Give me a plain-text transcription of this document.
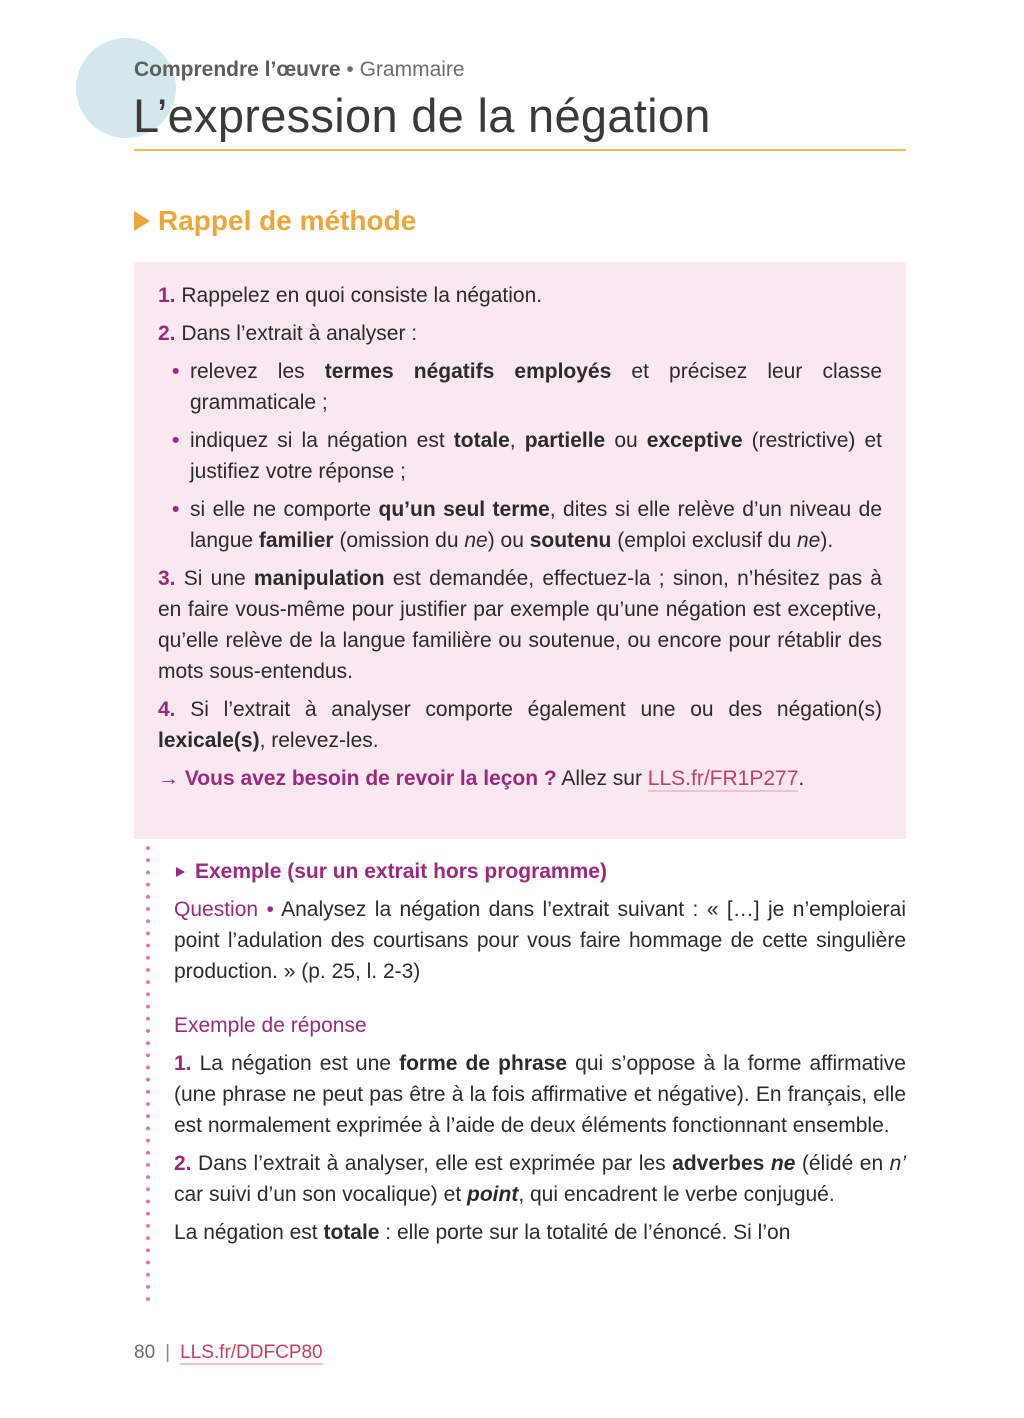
Comprendre l’œuvre • Grammaire
L’expression de la négation
Rappel de méthode

1. Rappelez en quoi consiste la négation.

2. Dans l’extrait à analyser :

• relevez les termes négatifs employés et précisez leur classe grammaticale ;

• indiquez si la négation est totale, partielle ou exceptive (restrictive) et justifiez votre réponse ;

• si elle ne comporte qu’un seul terme, dites si elle relève d’un niveau de langue familier (omission du ne) ou soutenu (emploi exclusif du ne).

3. Si une manipulation est demandée, effectuez-la ; sinon, n’hésitez pas à en faire vous-même pour justifier par exemple qu’une négation est exceptive, qu’elle relève de la langue familière ou soutenue, ou encore pour rétablir des mots sous-entendus.

4. Si l’extrait à analyser comporte également une ou des négation(s) lexicale(s), relevez-les.

→ Vous avez besoin de revoir la leçon ? Allez sur LLS.fr/FR1P277.

Exemple (sur un extrait hors programme)

Question • Analysez la négation dans l’extrait suivant : « […] je n’emploierai point l’adulation des courtisans pour vous faire hommage de cette singulière production. » (p. 25, l. 2-3)

Exemple de réponse

1. La négation est une forme de phrase qui s’oppose à la forme affirmative (une phrase ne peut pas être à la fois affirmative et négative). En français, elle est normalement exprimée à l’aide de deux éléments fonctionnant ensemble.

2. Dans l’extrait à analyser, elle est exprimée par les adverbes ne (élidé en n’ car suivi d’un son vocalique) et point, qui encadrent le verbe conjugué.

La négation est totale : elle porte sur la totalité de l’énoncé. Si l’on

80 | LLS.fr/DDFCP80
